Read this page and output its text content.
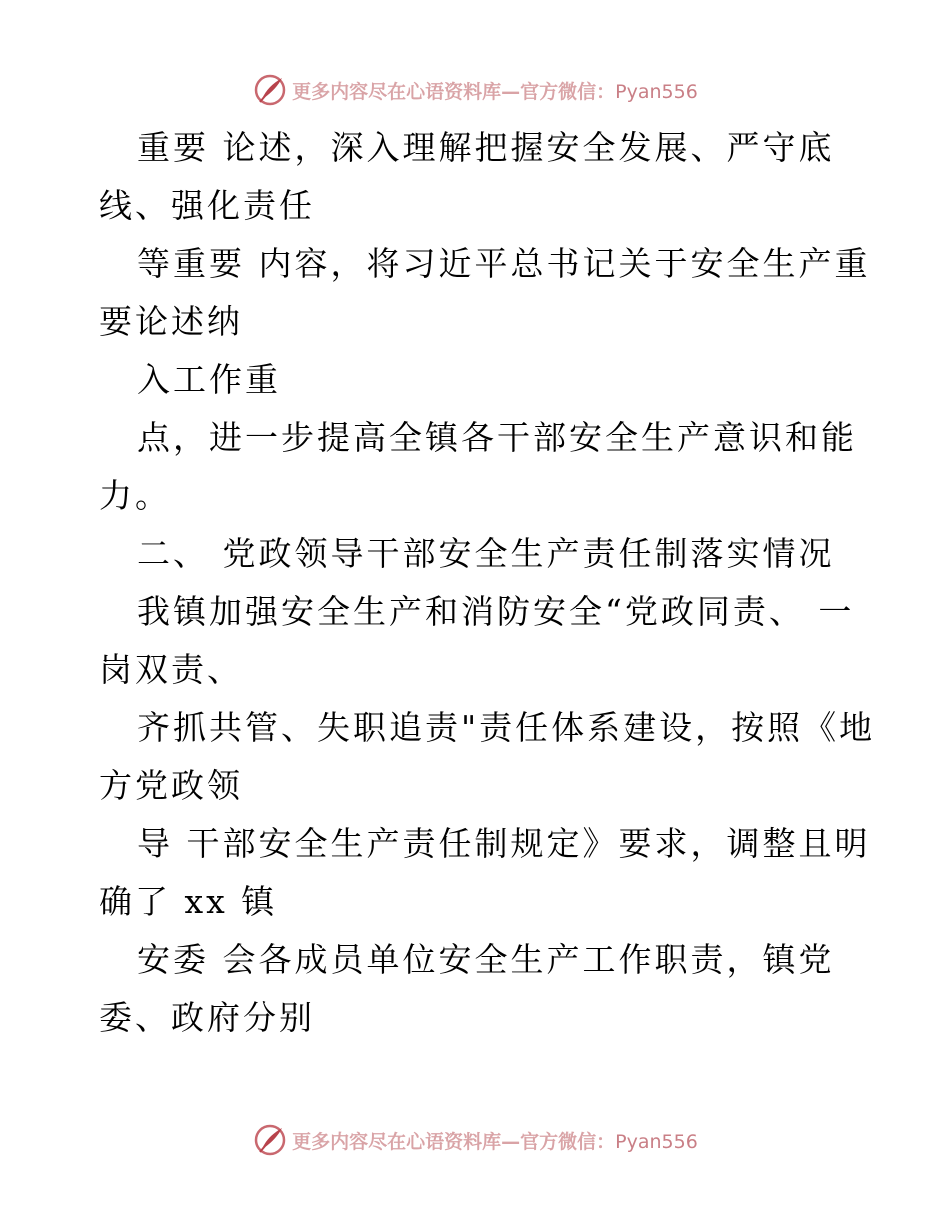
更多内容尽在心语资料库—官方微信：Pyan556
重要 论述，深入理解把握安全发展、严守底
线、强化责任
等重要 内容，将习近平总书记关于安全生产重
要论述纳
入工作重
点，进一步提高全镇各干部安全生产意识和能
力。
二、 党政领导干部安全生产责任制落实情况
我镇加强安全生产和消防安全“党政同责、 一
岗双责、
齐抓共管、失职追责"责任体系建设，按照《地
方党政领
导 干部安全生产责任制规定》要求，调整且明
确了 xx 镇
安委 会各成员单位安全生产工作职责，镇党
委、政府分别
更多内容尽在心语资料库—官方微信：Pyan556
